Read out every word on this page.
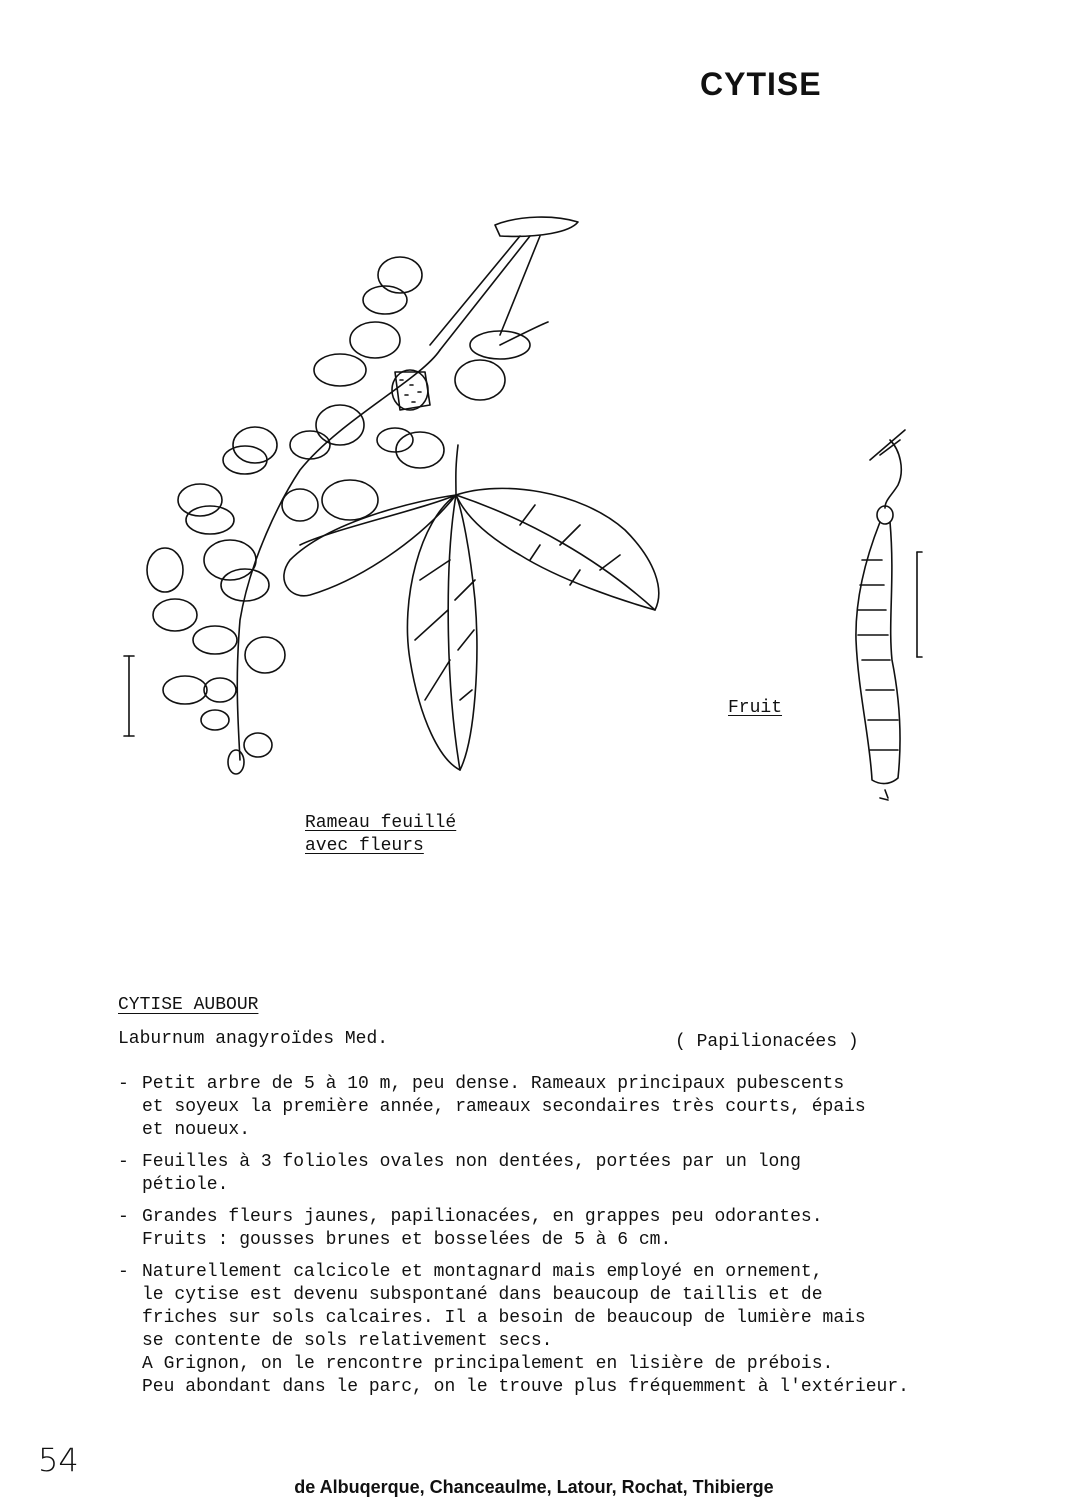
CYTISE
Rameau feuillé
avec fleurs
Fruit
CYTISE AUBOUR
Laburnum anagyroïdes Med.	( Papilionacées )
- Petit arbre de 5 à 10 m, peu dense. Rameaux principaux pubescents
et soyeux la première année, rameaux secondaires très courts, épais
et noueux.
- Feuilles à 3 folioles ovales non dentées, portées par un long
pétiole.
- Grandes fleurs jaunes, papilionacées, en grappes peu odorantes.
Fruits : gousses brunes et bosselées de 5 à 6 cm.
- Naturellement calcicole et montagnard mais employé en ornement,
le cytise est devenu subspontané dans beaucoup de taillis et de
friches sur sols calcaires. Il a besoin de beaucoup de lumière mais
se contente de sols relativement secs.
A Grignon, on le rencontre principalement en lisière de prébois.
Peu abondant dans le parc, on le trouve plus fréquemment à l'extérieur.
54
de Albuqerque, Chanceaulme, Latour, Rochat, Thibierge
